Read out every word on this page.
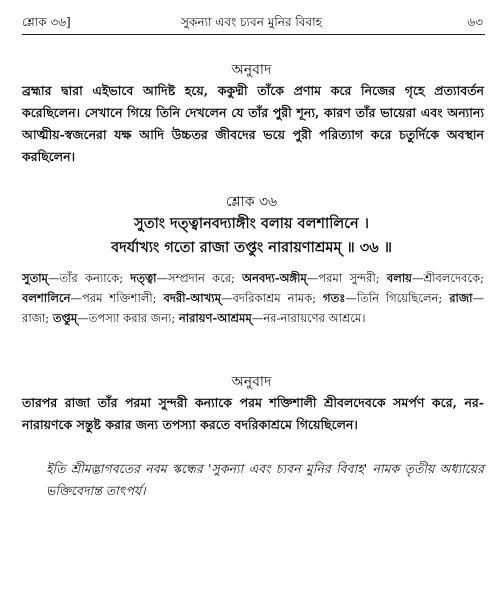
শ্লোক ৩৬]	সুকন্যা এবং চ্যবন মুনির বিবাহ	৬৩
অনুবাদ

ব্রহ্মার দ্বারা এইভাবে আদিষ্ট হয়ে, ককুদ্মী তাঁকে প্রণাম করে নিজের গৃহে প্রত্যাবর্তন করেছিলেন। সেখানে গিয়ে তিনি দেখলেন যে তাঁর পুরী শূন্য, কারণ তাঁর ভায়েরা এবং অন্যান্য আত্মীয়-স্বজনেরা যক্ষ আদি উচ্চতর জীবদের ভয়ে পুরী পরিত্যাগ করে চতুর্দিকে অবস্থান করছিলেন।

শ্লোক ৩৬
সুতাং দত্ত্বানবদ্যাঙ্গীং বলায় বলশালিনে ।
বদর্যাখ্যং গতো রাজা তপ্তুং নারায়ণাশ্রমম্ ॥ ৩৬ ॥

সুতাম্—তাঁর কন্যাকে; দত্ত্বা—সম্প্রদান করে; অনবদ্য-অঙ্গীম্—পরমা সুন্দরী; বলায়—শ্রীবলদেবকে; বলশালিনে—পরম শক্তিশালী; বদরী-আখ্যম্—বদরিকাশ্রম নামক; গতঃ—তিনি গিয়েছিলেন; রাজা—রাজা; তপ্তুম্—তপস্যা করার জন্য; নারায়ণ-আশ্রমম্—নর-নারায়ণের আশ্রমে।

অনুবাদ

তারপর রাজা তাঁর পরমা সুন্দরী কন্যাকে পরম শক্তিশালী শ্রীবলদেবকে সমর্পণ করে, নর-নারায়ণকে সন্তুষ্ট করার জন্য তপস্যা করতে বদরিকাশ্রমে গিয়েছিলেন।

ইতি শ্রীমদ্ভাগবতের নবম স্কন্ধের 'সুকন্যা এবং চ্যবন মুনির বিবাহ' নামক তৃতীয় অধ্যায়ের ভক্তিবেদান্ত তাৎপর্য।
